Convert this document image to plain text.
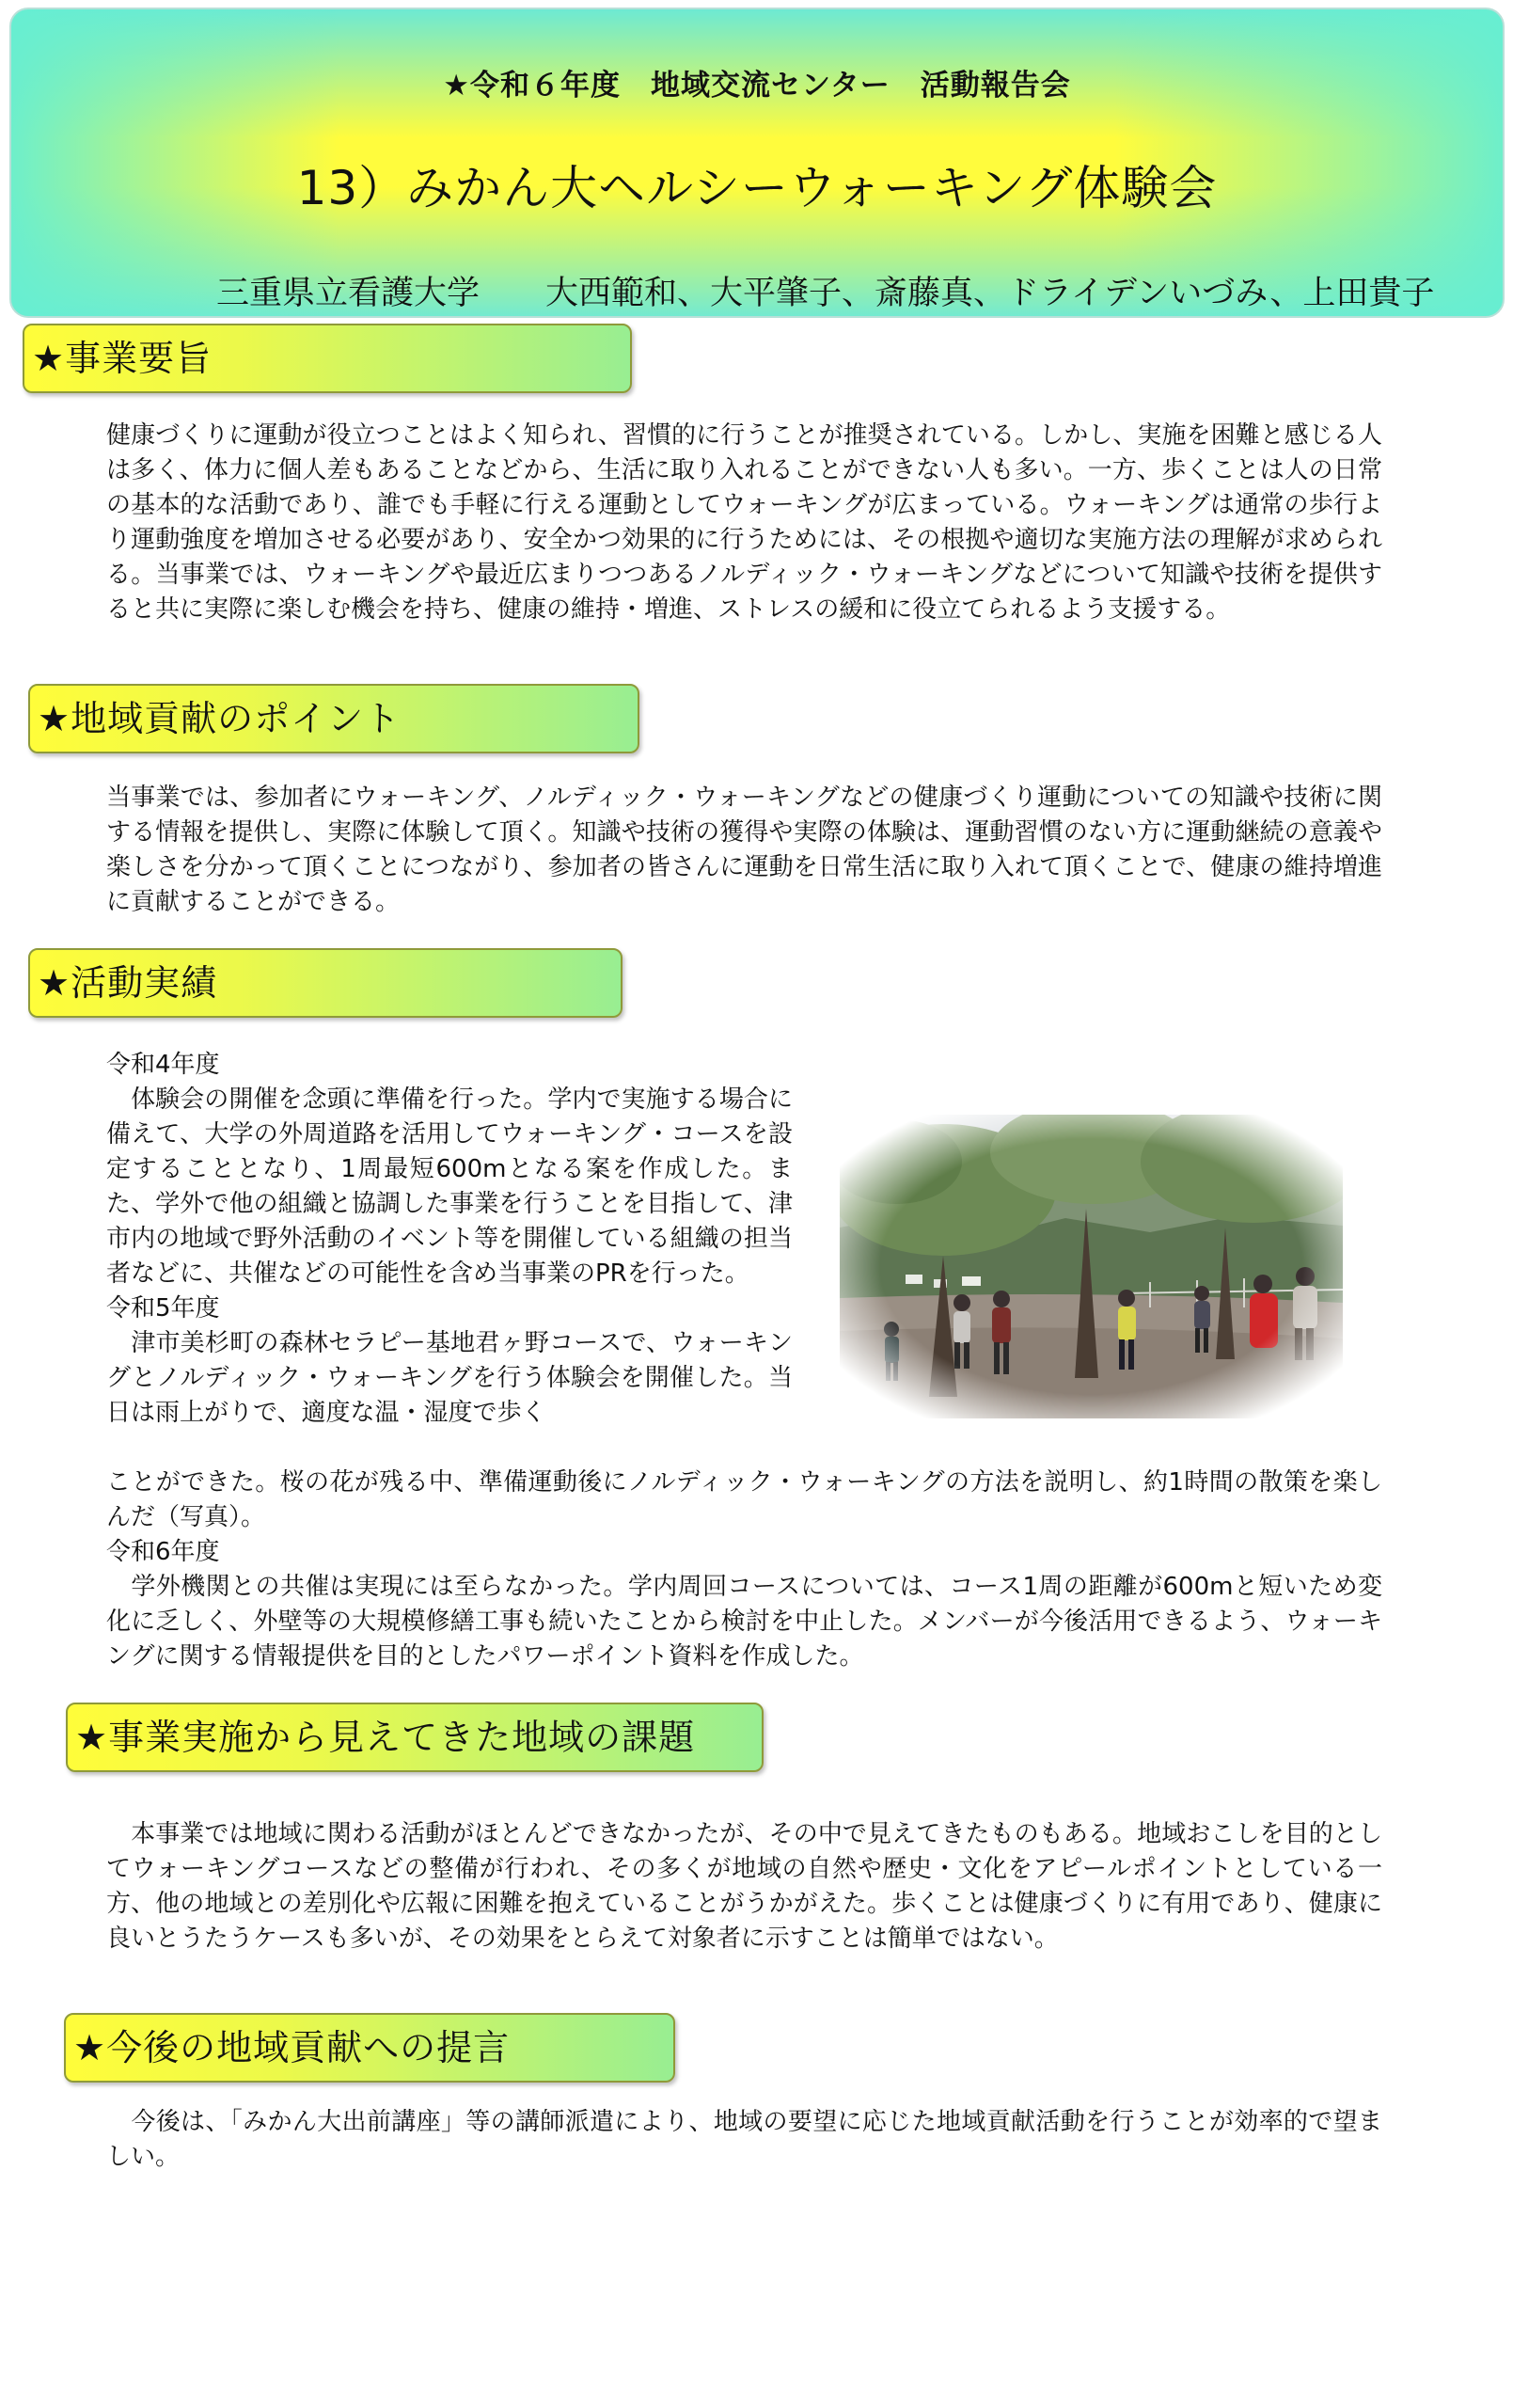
★令和６年度　地域交流センター　活動報告会
13）みかん大ヘルシーウォーキング体験会
三重県立看護大学　　大西範和、大平肇子、斎藤真、ドライデンいづみ、上田貴子
★事業要旨

健康づくりに運動が役立つことはよく知られ、習慣的に行うことが推奨されている。しかし、実施を困難と感じる人は多く、体力に個人差もあることなどから、生活に取り入れることができない人も多い。一方、歩くことは人の日常の基本的な活動であり、誰でも手軽に行える運動としてウォーキングが広まっている。ウォーキングは通常の歩行より運動強度を増加させる必要があり、安全かつ効果的に行うためには、その根拠や適切な実施方法の理解が求められる。当事業では、ウォーキングや最近広まりつつあるノルディック・ウォーキングなどについて知識や技術を提供すると共に実際に楽しむ機会を持ち、健康の維持・増進、ストレスの緩和に役立てられるよう支援する。

★地域貢献のポイント

当事業では、参加者にウォーキング、ノルディック・ウォーキングなどの健康づくり運動についての知識や技術に関する情報を提供し、実際に体験して頂く。知識や技術の獲得や実際の体験は、運動習慣のない方に運動継続の意義や楽しさを分かって頂くことにつながり、参加者の皆さんに運動を日常生活に取り入れて頂くことで、健康の維持増進に貢献することができる。

★活動実績

令和4年度
　体験会の開催を念頭に準備を行った。学内で実施する場合に備えて、大学の外周道路を活用してウォーキング・コースを設定することとなり、1周最短600mとなる案を作成した。また、学外で他の組織と協調した事業を行うことを目指して、津市内の地域で野外活動のイベント等を開催している組織の担当者などに、共催などの可能性を含め当事業のPRを行った。
令和5年度
　津市美杉町の森林セラピー基地君ヶ野コースで、ウォーキングとノルディック・ウォーキングを行う体験会を開催した。当日は雨上がりで、適度な温・湿度で歩く

ことができた。桜の花が残る中、準備運動後にノルディック・ウォーキングの方法を説明し、約1時間の散策を楽しんだ（写真）。
令和6年度
　学外機関との共催は実現には至らなかった。学内周回コースについては、コース1周の距離が600mと短いため変化に乏しく、外壁等の大規模修繕工事も続いたことから検討を中止した。メンバーが今後活用できるよう、ウォーキングに関する情報提供を目的としたパワーポイント資料を作成した。

★事業実施から見えてきた地域の課題

　本事業では地域に関わる活動がほとんどできなかったが、その中で見えてきたものもある。地域おこしを目的としてウォーキングコースなどの整備が行われ、その多くが地域の自然や歴史・文化をアピールポイントとしている一方、他の地域との差別化や広報に困難を抱えていることがうかがえた。歩くことは健康づくりに有用であり、健康に良いとうたうケースも多いが、その効果をとらえて対象者に示すことは簡単ではない。

★今後の地域貢献への提言

　今後は、「みかん大出前講座」等の講師派遣により、地域の要望に応じた地域貢献活動を行うことが効率的で望ましい。
